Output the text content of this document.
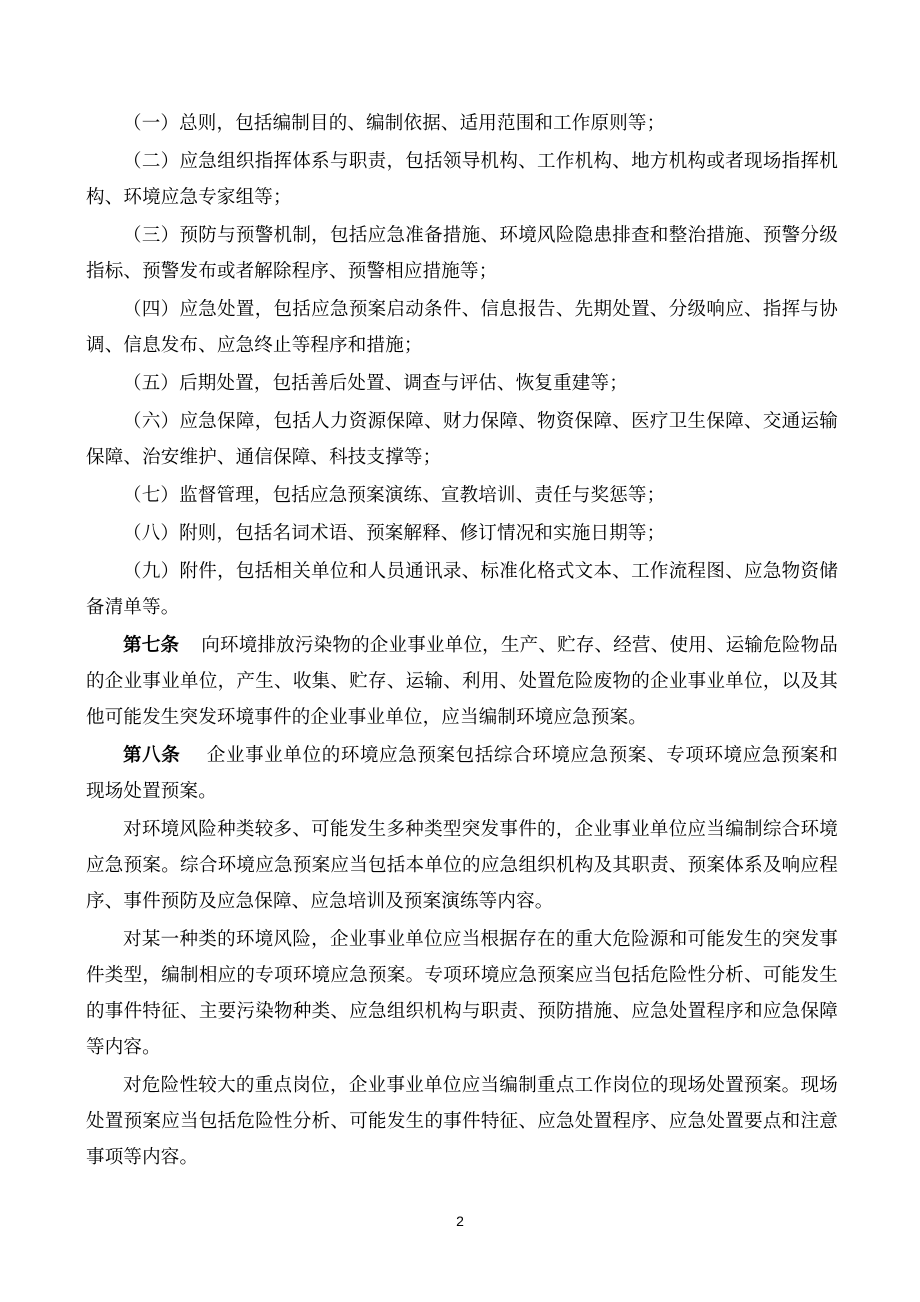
（一）总则，包括编制目的、编制依据、适用范围和工作原则等；

（二）应急组织指挥体系与职责，包括领导机构、工作机构、地方机构或者现场指挥机构、环境应急专家组等；

（三）预防与预警机制，包括应急准备措施、环境风险隐患排查和整治措施、预警分级指标、预警发布或者解除程序、预警相应措施等；

（四）应急处置，包括应急预案启动条件、信息报告、先期处置、分级响应、指挥与协调、信息发布、应急终止等程序和措施；

（五）后期处置，包括善后处置、调查与评估、恢复重建等；

（六）应急保障，包括人力资源保障、财力保障、物资保障、医疗卫生保障、交通运输保障、治安维护、通信保障、科技支撑等；

（七）监督管理，包括应急预案演练、宣教培训、责任与奖惩等；

（八）附则，包括名词术语、预案解释、修订情况和实施日期等；

（九）附件，包括相关单位和人员通讯录、标准化格式文本、工作流程图、应急物资储备清单等。

第七条 向环境排放污染物的企业事业单位，生产、贮存、经营、使用、运输危险物品的企业事业单位，产生、收集、贮存、运输、利用、处置危险废物的企业事业单位，以及其他可能发生突发环境事件的企业事业单位，应当编制环境应急预案。

第八条 企业事业单位的环境应急预案包括综合环境应急预案、专项环境应急预案和现场处置预案。

对环境风险种类较多、可能发生多种类型突发事件的，企业事业单位应当编制综合环境应急预案。综合环境应急预案应当包括本单位的应急组织机构及其职责、预案体系及响应程序、事件预防及应急保障、应急培训及预案演练等内容。

对某一种类的环境风险，企业事业单位应当根据存在的重大危险源和可能发生的突发事件类型，编制相应的专项环境应急预案。专项环境应急预案应当包括危险性分析、可能发生的事件特征、主要污染物种类、应急组织机构与职责、预防措施、应急处置程序和应急保障等内容。

对危险性较大的重点岗位，企业事业单位应当编制重点工作岗位的现场处置预案。现场处置预案应当包括危险性分析、可能发生的事件特征、应急处置程序、应急处置要点和注意事项等内容。

2
